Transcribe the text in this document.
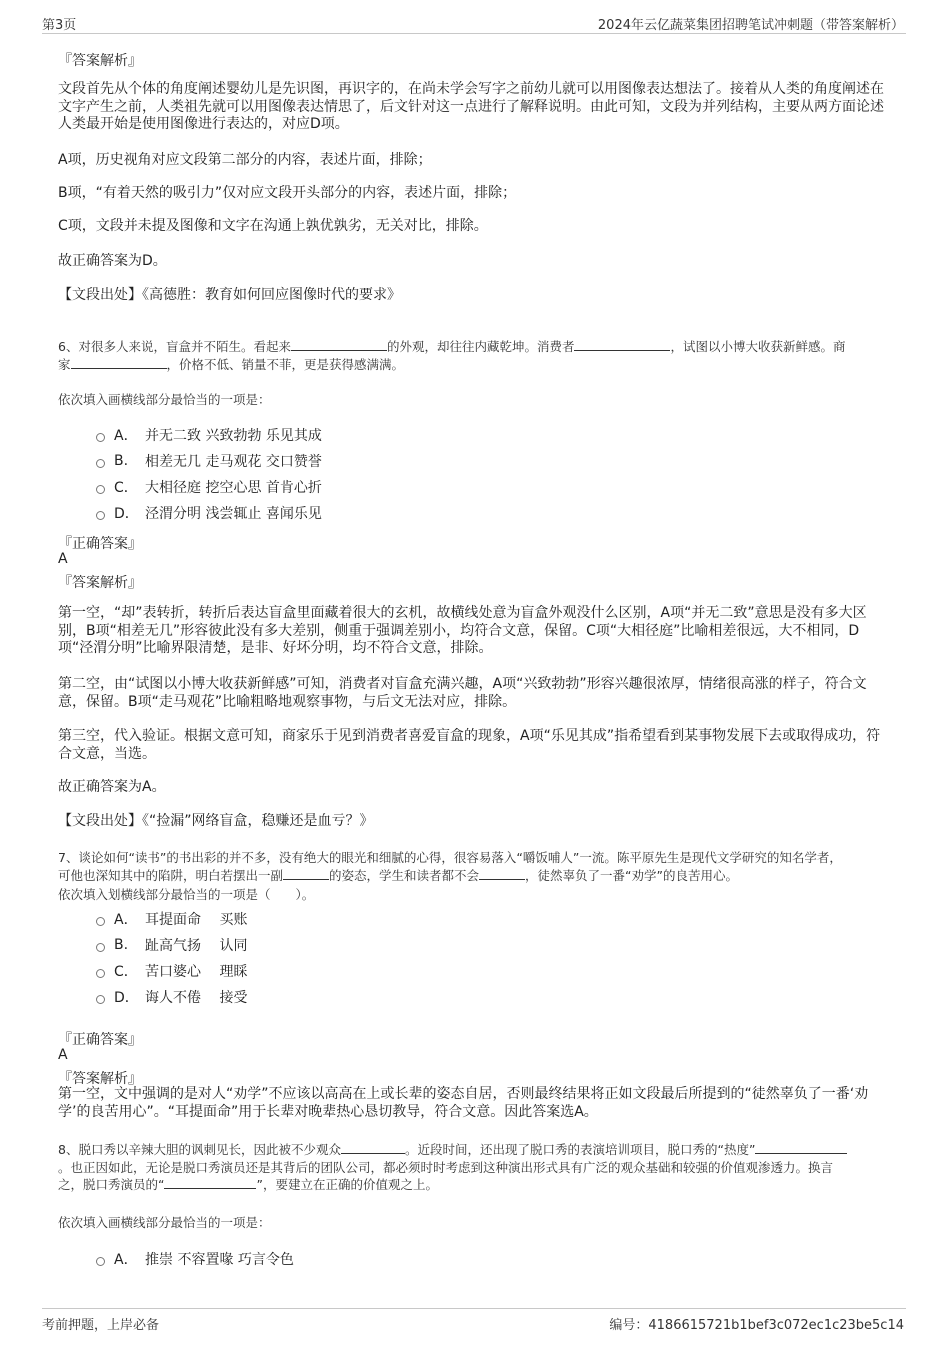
第3页	2024年云亿蔬菜集团招聘笔试冲刺题（带答案解析）
『答案解析』
文段首先从个体的角度阐述婴幼儿是先识图，再识字的，在尚未学会写字之前幼儿就可以用图像表达想法了。接着从人类的角度阐述在文字产生之前，人类祖先就可以用图像表达情思了，后文针对这一点进行了解释说明。由此可知，文段为并列结构，主要从两方面论述人类最开始是使用图像进行表达的，对应D项。
A项，历史视角对应文段第二部分的内容，表述片面，排除；
B项，“有着天然的吸引力”仅对应文段开头部分的内容，表述片面，排除；
C项，文段并未提及图像和文字在沟通上孰优孰劣，无关对比，排除。
故正确答案为D。
【文段出处】《高德胜：教育如何回应图像时代的要求》
6、对很多人来说，盲盒并不陌生。看起来	的外观，却往往内藏乾坤。消费者	，试图以小博大收获新鲜感。商
家	，价格不低、销量不菲，更是获得感满满。
依次填入画横线部分最恰当的一项是：
A． 并无二致 兴致勃勃 乐见其成
B.	相差无几 走马观花 交口赞誉
C． 大相径庭 挖空心思 首肯心折
D． 泾渭分明 浅尝辄止 喜闻乐见
『正确答案』
A
『答案解析』
第一空，“却”表转折，转折后表达盲盒里面藏着很大的玄机，故横线处意为盲盒外观没什么区别，A项“并无二致”意思是没有多大区别，B项“相差无几”形容彼此没有多大差别，侧重于强调差别小，均符合文意，保留。C项“大相径庭”比喻相差很远，大不相同，D项“泾渭分明”比喻界限清楚，是非、好坏分明，均不符合文意，排除。
第二空，由“试图以小博大收获新鲜感”可知，消费者对盲盒充满兴趣，A项“兴致勃勃”形容兴趣很浓厚，情绪很高涨的样子，符合文意，保留。B项“走马观花”比喻粗略地观察事物，与后文无法对应，排除。
第三空，代入验证。根据文意可知，商家乐于见到消费者喜爱盲盒的现象，A项“乐见其成”指希望看到某事物发展下去或取得成功，符合文意，当选。
故正确答案为A。
【文段出处】《“捡漏”网络盲盒，稳赚还是血亏？》
7、谈论如何“读书”的书出彩的并不多，没有绝大的眼光和细腻的心得，很容易落入“嚼饭哺人”一流。陈平原先生是现代文学研究的知名学者，
可他也深知其中的陷阱，明白若摆出一副	的姿态，学生和读者都不会	，徒然辜负了一番“劝学”的良苦用心。
依次填入划横线部分最恰当的一项是（　　）。
A． 耳提面命　 买账
B.	趾高气扬　 认同
C． 苦口婆心　 理睬
D． 诲人不倦　 接受
『正确答案』
A
『答案解析』
第一空，文中强调的是对人“劝学”不应该以高高在上或长辈的姿态自居，否则最终结果将正如文段最后所提到的“徒然辜负了一番‘劝学’的良苦用心”。“耳提面命”用于长辈对晚辈热心恳切教导，符合文意。因此答案选A。
8、脱口秀以辛辣大胆的讽刺见长，因此被不少观众	。近段时间，还出现了脱口秀的表演培训项目，脱口秀的“热度”
。也正因如此，无论是脱口秀演员还是其背后的团队公司，都必须时时考虑到这种演出形式具有广泛的观众基础和较强的价值观渗透力。换言
之，脱口秀演员的“	”，要建立在正确的价值观之上。
依次填入画横线部分最恰当的一项是：
A． 推崇 不容置喙 巧言令色
考前押题，上岸必备	编号：4186615721b1bef3c072ec1c23be5c14
